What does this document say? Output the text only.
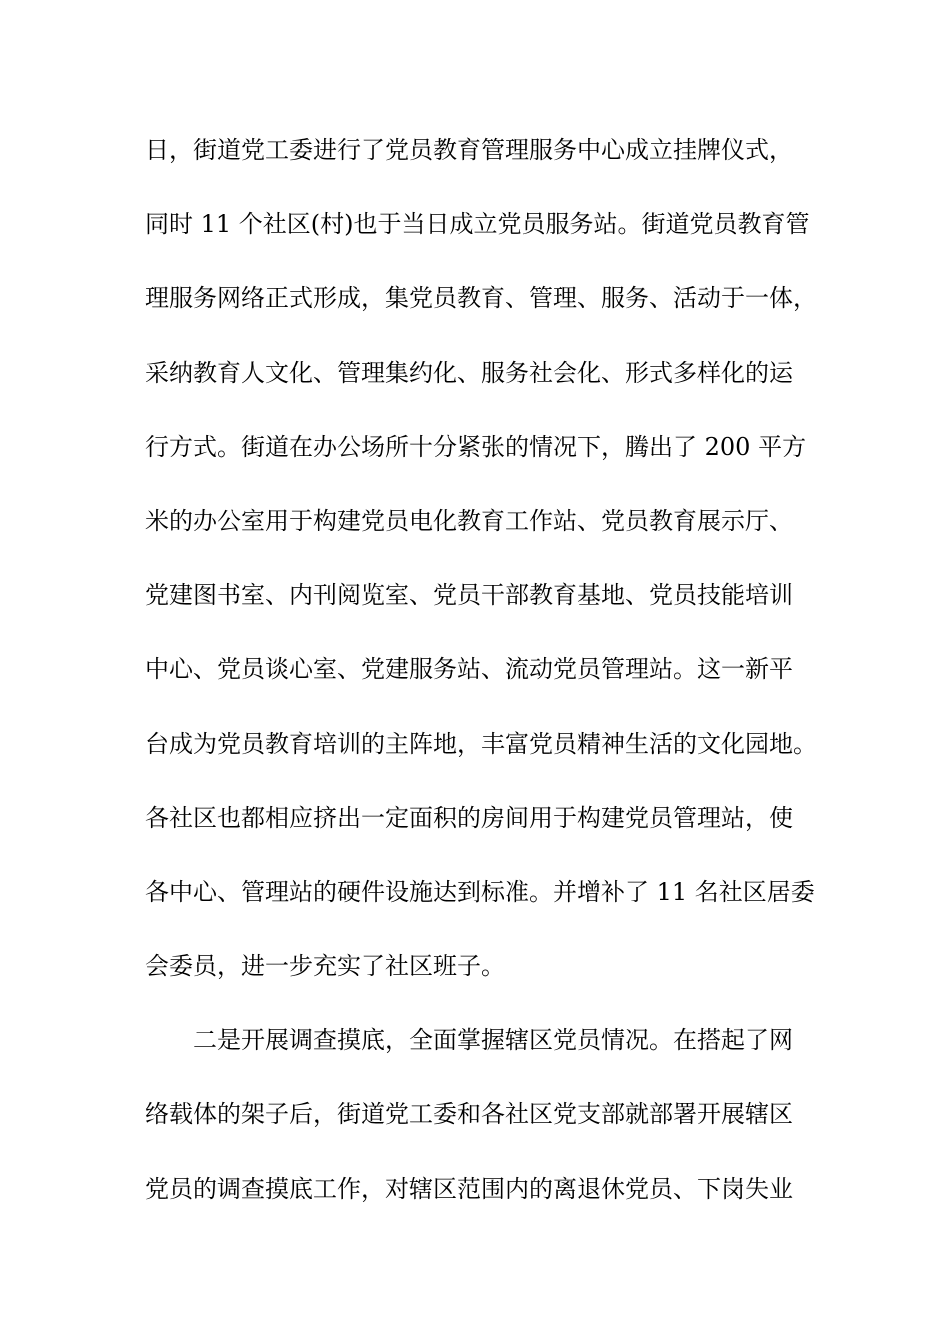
日，街道党工委进行了党员教育管理服务中心成立挂牌仪式，
同时 11 个社区(村)也于当日成立党员服务站。街道党员教育管
理服务网络正式形成，集党员教育、管理、服务、活动于一体，
采纳教育人文化、管理集约化、服务社会化、形式多样化的运
行方式。街道在办公场所十分紧张的情况下，腾出了 200 平方
米的办公室用于构建党员电化教育工作站、党员教育展示厅、
党建图书室、内刊阅览室、党员干部教育基地、党员技能培训
中心、党员谈心室、党建服务站、流动党员管理站。这一新平
台成为党员教育培训的主阵地，丰富党员精神生活的文化园地。
各社区也都相应挤出一定面积的房间用于构建党员管理站，使
各中心、管理站的硬件设施达到标准。并增补了 11 名社区居委
会委员，进一步充实了社区班子。
二是开展调查摸底，全面掌握辖区党员情况。在搭起了网
络载体的架子后，街道党工委和各社区党支部就部署开展辖区
党员的调查摸底工作，对辖区范围内的离退休党员、下岗失业
